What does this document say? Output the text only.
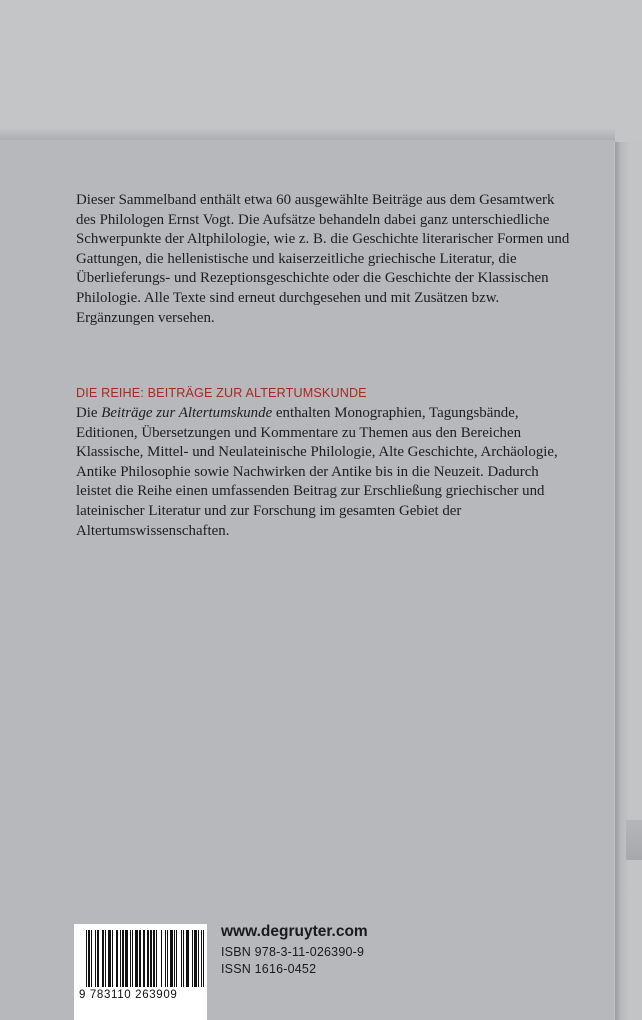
Dieser Sammelband enthält etwa 60 ausgewählte Beiträge aus dem Gesamtwerk des Philologen Ernst Vogt. Die Aufsätze behandeln dabei ganz unterschiedliche Schwerpunkte der Altphilologie, wie z. B. die Geschichte literarischer Formen und Gattungen, die hellenistische und kaiserzeitliche griechische Literatur, die Überlieferungs- und Rezeptionsgeschichte oder die Geschichte der Klassischen Philologie. Alle Texte sind erneut durchgesehen und mit Zusätzen bzw. Ergänzungen versehen.

DIE REIHE: BEITRÄGE ZUR ALTERTUMSKUNDE

Die Beiträge zur Altertumskunde enthalten Monographien, Tagungsbände, Editionen, Übersetzungen und Kommentare zu Themen aus den Bereichen Klassische, Mittel- und Neulateinische Philologie, Alte Geschichte, Archäologie, Antike Philosophie sowie Nachwirken der Antike bis in die Neuzeit. Dadurch leistet die Reihe einen umfassenden Beitrag zur Erschließung griechischer und lateinischer Literatur und zur Forschung im gesamten Gebiet der Altertumswissenschaften.

9 783110 263909
www.degruyter.com
ISBN 978-3-11-026390-9
ISSN 1616-0452
